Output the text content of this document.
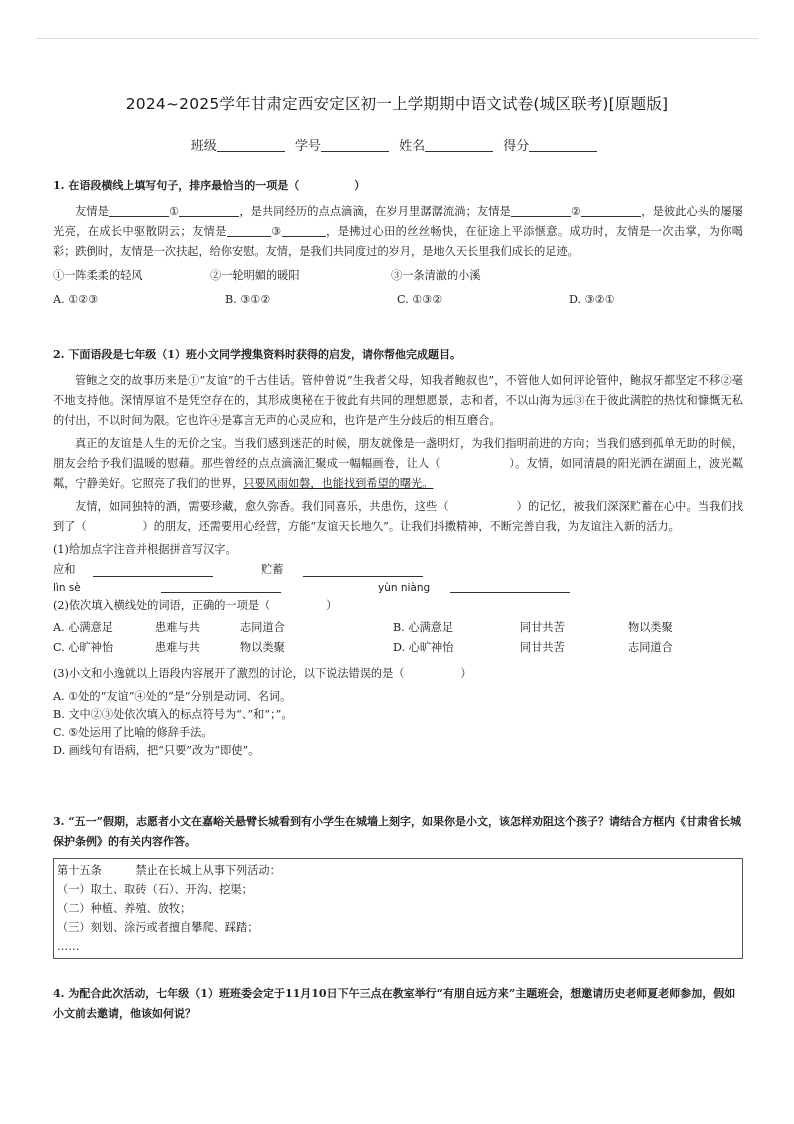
2024~2025学年甘肃定西安定区初一上学期期中语文试卷(城区联考)[原题版]
班级	学号	姓名	得分
1. 在语段横线上填写句子，排序最恰当的一项是（　　　　　）
友情是	①	，是共同经历的点点滴滴，在岁月里潺潺流淌；友情是	②	，是彼此心头的屡屡光亮，在成长中驱散阴云；友情是	③	，是拂过心田的丝丝畅快，在征途上平添惬意。成功时，友情是一次击掌，为你喝彩；跌倒时，友情是一次扶起，给你安慰。友情，是我们共同度过的岁月，是地久天长里我们成长的足迹。
①一阵柔柔的轻风	②一轮明媚的暖阳	③一条清澈的小溪
A. ①②③	B. ③①②	C. ①③②	D. ③②①
2. 下面语段是七年级（1）班小文同学搜集资料时获得的启发，请你帮他完成题目。
管鲍之交的故事历来是①“友谊”的千古佳话。管仲曾说“生我者父母，知我者鲍叔也”，不管他人如何评论管仲，鲍叔牙都坚定不移②毫不地支持他。深情厚谊不是凭空存在的，其形成奥秘在于彼此有共同的理想愿景，志和者，不以山海为远③在于彼此满腔的热忱和慷慨无私的付出，不以时间为限。它也许④是寡言无声的心灵应和，也许是产生分歧后的相互磨合。
真正的友谊是人生的无价之宝。当我们感到迷茫的时候，朋友就像是一盏明灯，为我们指明前进的方向；当我们感到孤单无助的时候，朋友会给予我们温暖的慰藉。那些曾经的点点滴滴汇聚成一幅幅画卷，让人（　　　　　　）。友情，如同清晨的阳光洒在湖面上，波光粼粼，宁静美好。它照亮了我们的世界，只要风雨如磐，也能找到希望的曙光。
友情，如同独特的酒，需要珍藏，愈久弥香。我们同喜乐，共患伤，这些（　　　　　　）的记忆，被我们深深贮蓄在心中。当我们找到了（　　　　　）的朋友，还需要用心经营，方能“友谊天长地久”。让我们抖擞精神，不断完善自我，为友谊注入新的活力。
(1)给加点字注音并根据拼音写汉字。
应和	贮蓄
lìn sè	yùn niàng
(2)依次填入横线处的词语，正确的一项是（　　　　　）
A. 心满意足	患难与共	志同道合	B. 心满意足	同甘共苦	物以类聚
C. 心旷神怡	患难与共	物以类聚	D. 心旷神怡	同甘共苦	志同道合
(3)小文和小逸就以上语段内容展开了激烈的讨论，以下说法错误的是（　　　　　）
A. ①处的“友谊”④处的“是”分别是动词、名词。
B. 文中②③处依次填入的标点符号为“、”和“；”。
C. ⑤处运用了比喻的修辞手法。
D. 画线句有语病，把“只要”改为“即使”。
3. “五一”假期，志愿者小文在嘉峪关悬臂长城看到有小学生在城墙上刻字，如果你是小文，该怎样劝阻这个孩子？请结合方框内《甘肃省长城保护条例》的有关内容作答。
第十五条　　　禁止在长城上从事下列活动：
（一）取土、取砖（石）、开沟、挖渠；
（二）种植、养殖、放牧；
（三）刻划、涂污或者擅自攀爬、踩踏；
……
4. 为配合此次活动，七年级（1）班班委会定于11月10日下午三点在教室举行“有朋自远方来”主题班会，想邀请历史老师夏老师参加，假如小文前去邀请，他该如何说？
